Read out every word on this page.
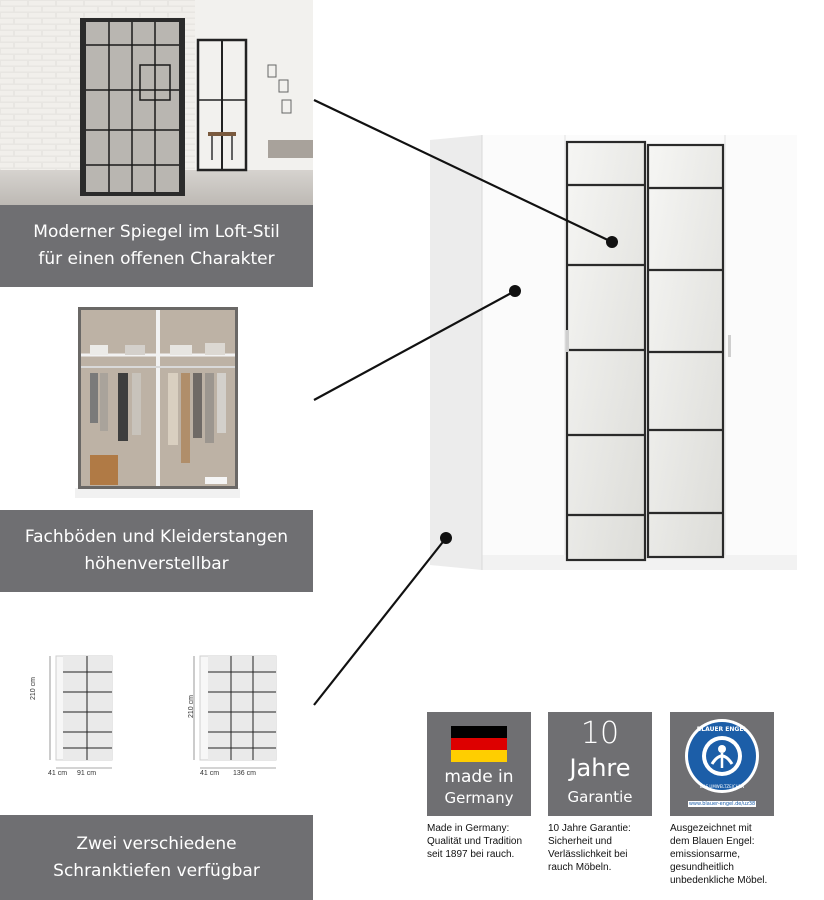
Moderner Spiegel im Loft-Stil
für einen offenen Charakter
Fachböden und Kleiderstangen
höhenverstellbar
210 cm
41 cm 91 cm
210 cm
41 cm 136 cm
Zwei verschiedene
Schranktiefen verfügbar
made in
Germany
Made in Germany:
Qualität und Tradition
seit 1897 bei rauch.
10
Jahre
Garantie
10 Jahre Garantie:
Sicherheit und
Verlässlichkeit bei
rauch Möbeln.
BLAUER ENGEL
DAS UMWELTZEICHEN
www.blauer-engel.de/uz38
Ausgezeichnet mit
dem Blauen Engel:
emissionsarme,
gesundheitlich
unbedenkliche Möbel.
